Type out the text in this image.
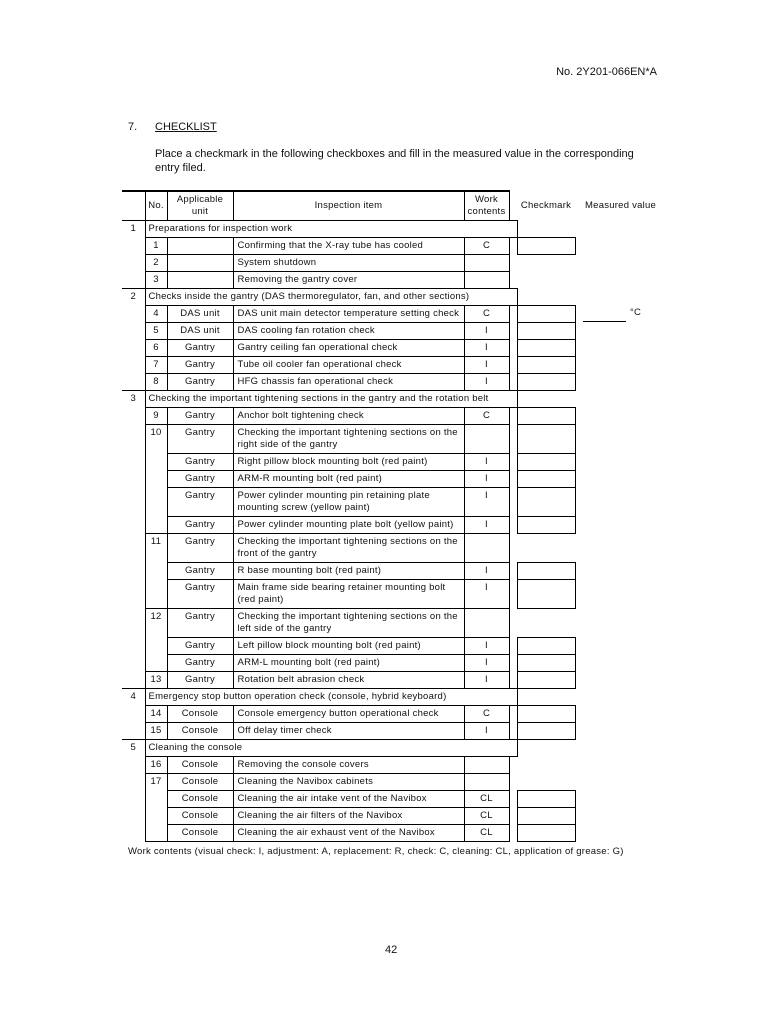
No. 2Y201-066EN*A
7. CHECKLIST
Place a checkmark in the following checkboxes and fill in the measured value in the corresponding
entry filed.
	No.	Applicable
unit	Inspection item	Work
contents		Checkmark		Measured value	
1	Preparations for inspection work								
	1		Confirming that the X-ray tube has cooled	C					
	2		System shutdown						
	3		Removing the gantry cover						
2	Checks inside the gantry (DAS thermoregulator, fan, and other sections)								
	4	DAS unit	DAS unit main detector temperature setting check	C				°C	

	5	DAS unit	DAS cooling fan rotation check	I					
	6	Gantry	Gantry ceiling fan operational check	I					
	7	Gantry	Tube oil cooler fan operational check	I					
	8	Gantry	HFG chassis fan operational check	I					
3	Checking the important tightening sections in the gantry and the rotation belt								
	9	Gantry	Anchor bolt tightening check	C					
	10	Gantry	Checking the important tightening sections on the
right side of the gantry						
		Gantry	Right pillow block mounting bolt (red paint)	I					
		Gantry	ARM-R mounting bolt (red paint)	I					
		Gantry	Power cylinder mounting pin retaining plate
mounting screw (yellow paint)	I					
		Gantry	Power cylinder mounting plate bolt (yellow paint)	I					
	11	Gantry	Checking the important tightening sections on the
front of the gantry						
		Gantry	R base mounting bolt (red paint)	I					
		Gantry	Main frame side bearing retainer mounting bolt
(red paint)	I					
	12	Gantry	Checking the important tightening sections on the
left side of the gantry						
		Gantry	Left pillow block mounting bolt (red paint)	I					
		Gantry	ARM-L mounting bolt (red paint)	I					
	13	Gantry	Rotation belt abrasion check	I					
4	Emergency stop button operation check (console, hybrid keyboard)								
	14	Console	Console emergency button operational check	C					
	15	Console	Off delay timer check	I					
5	Cleaning the console								
	16	Console	Removing the console covers						
	17	Console	Cleaning the Navibox cabinets						
		Console	Cleaning the air intake vent of the Navibox	CL					
		Console	Cleaning the air filters of the Navibox	CL					
		Console	Cleaning the air exhaust vent of the Navibox	CL					
Work contents (visual check: I, adjustment: A, replacement: R, check: C, cleaning: CL, application of grease: G)
42
